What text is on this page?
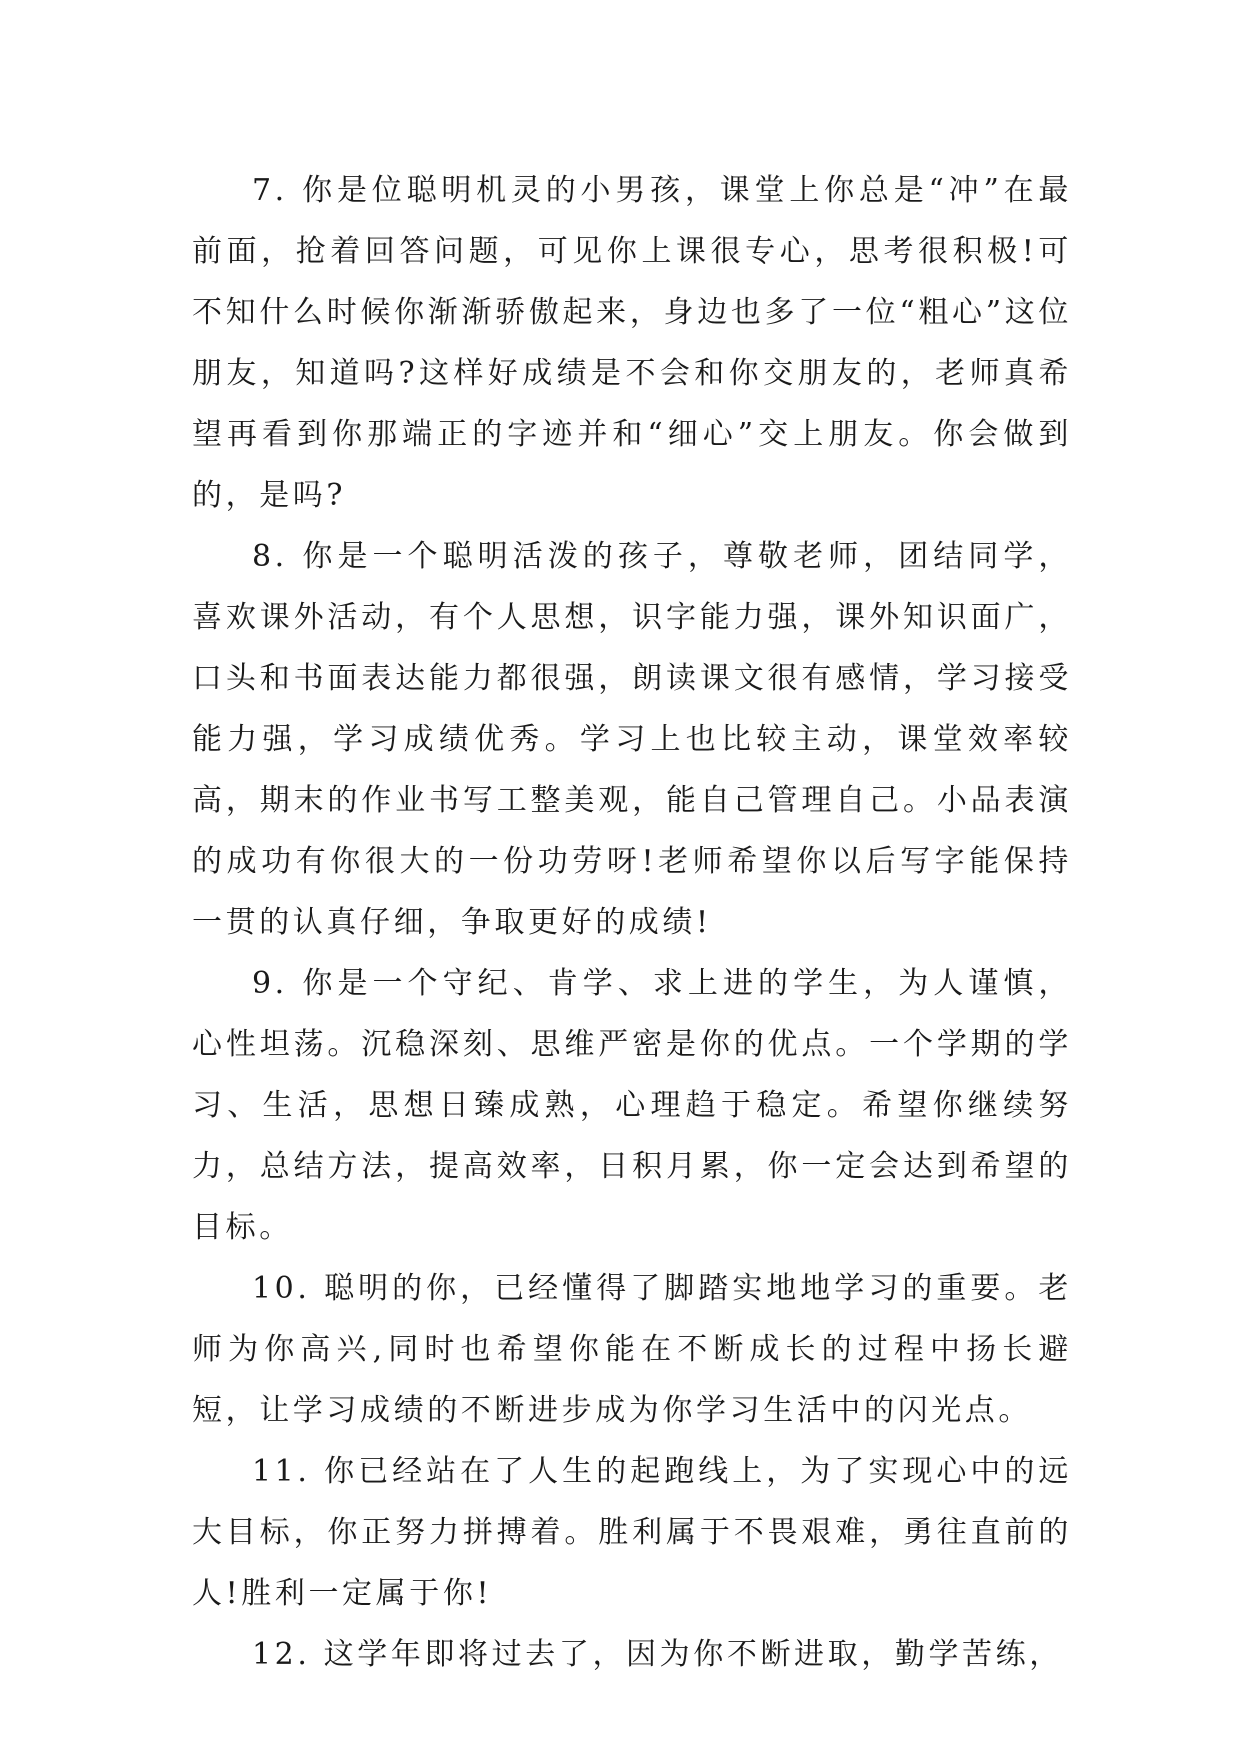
7. 你是位聪明机灵的小男孩，课堂上你总是“冲”在最前面，抢着回答问题，可见你上课很专心，思考很积极!可不知什么时候你渐渐骄傲起来，身边也多了一位“粗心”这位朋友，知道吗?这样好成绩是不会和你交朋友的，老师真希望再看到你那端正的字迹并和“细心”交上朋友。你会做到的，是吗?

8. 你是一个聪明活泼的孩子，尊敬老师，团结同学，喜欢课外活动，有个人思想，识字能力强，课外知识面广，口头和书面表达能力都很强，朗读课文很有感情，学习接受能力强，学习成绩优秀。学习上也比较主动，课堂效率较高，期末的作业书写工整美观，能自己管理自己。小品表演的成功有你很大的一份功劳呀!老师希望你以后写字能保持一贯的认真仔细，争取更好的成绩!

9. 你是一个守纪、肯学、求上进的学生，为人谨慎，心性坦荡。沉稳深刻、思维严密是你的优点。一个学期的学习、生活，思想日臻成熟，心理趋于稳定。希望你继续努力，总结方法，提高效率，日积月累，你一定会达到希望的目标。

10. 聪明的你，已经懂得了脚踏实地地学习的重要。老师为你高兴,同时也希望你能在不断成长的过程中扬长避短，让学习成绩的不断进步成为你学习生活中的闪光点。

11. 你已经站在了人生的起跑线上，为了实现心中的远大目标，你正努力拼搏着。胜利属于不畏艰难，勇往直前的人!胜利一定属于你!

12. 这学年即将过去了，因为你不断进取，勤学苦练，
